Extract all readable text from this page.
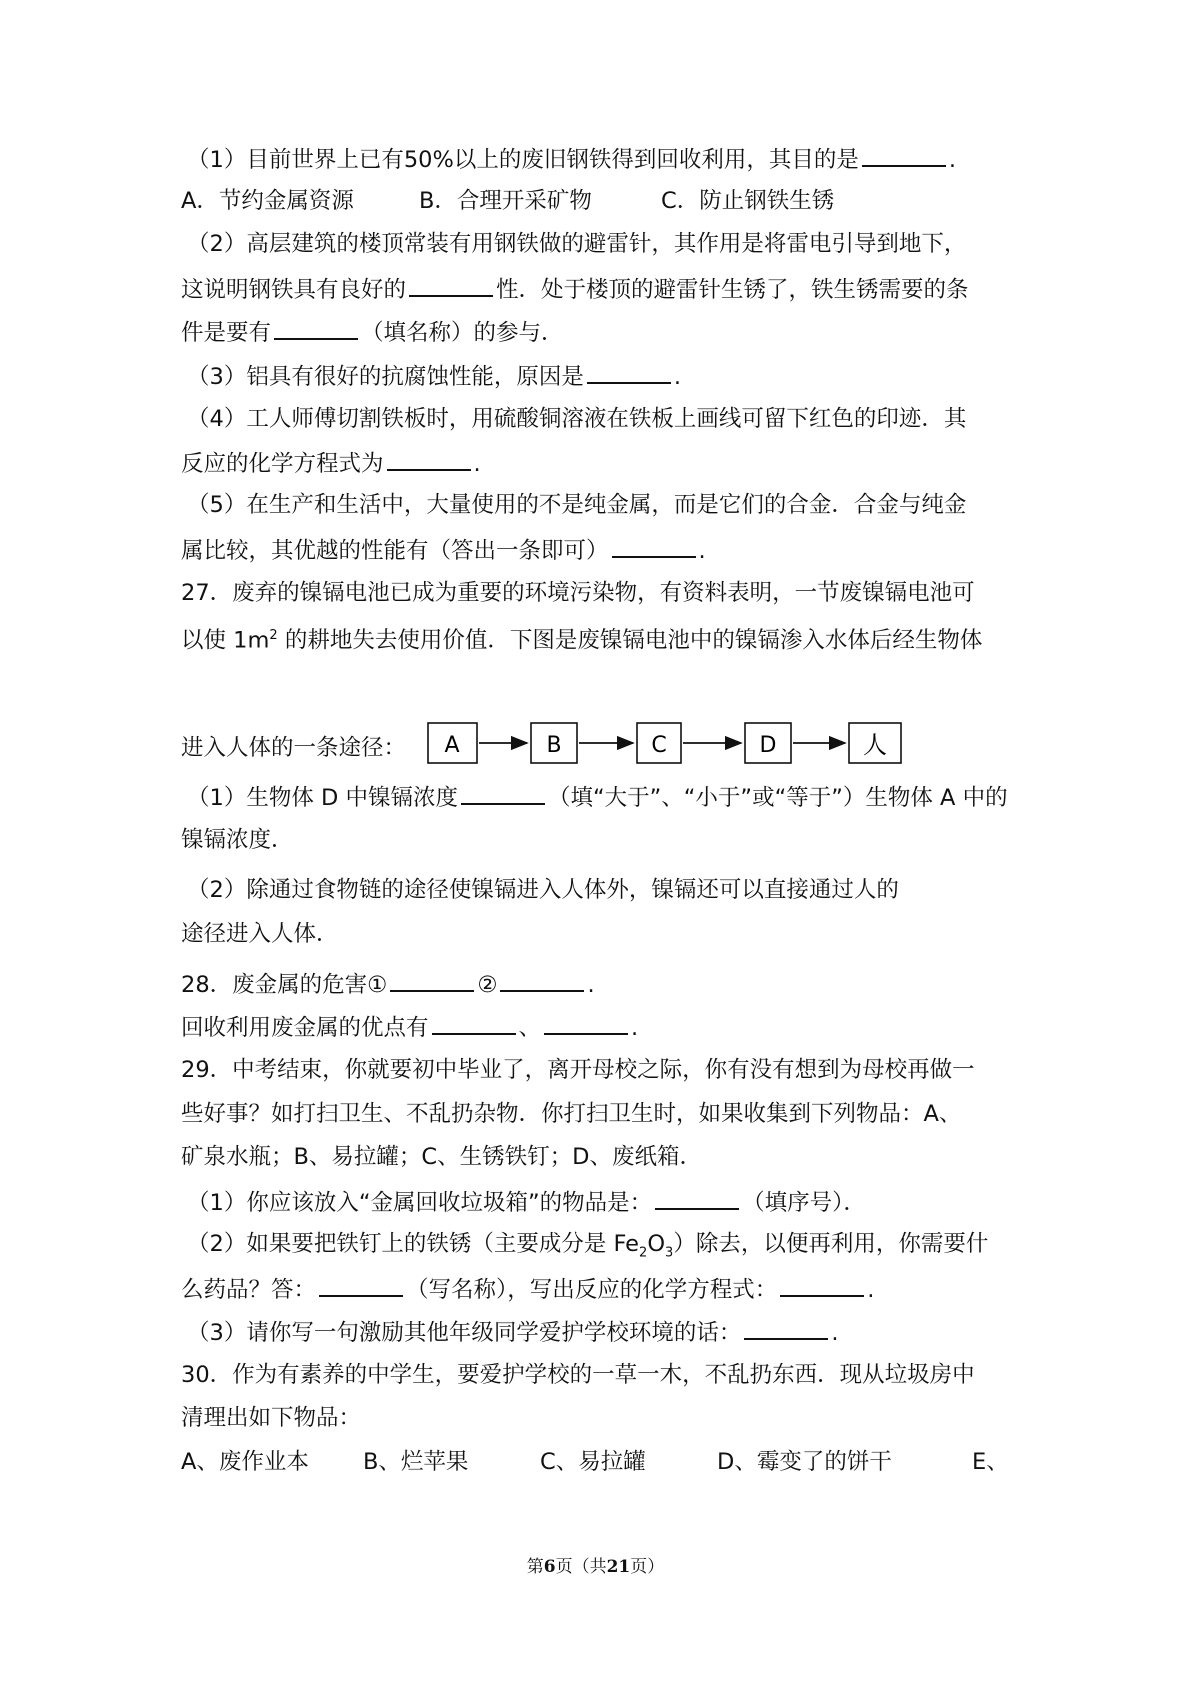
（1）目前世界上已有50%以上的废旧钢铁得到回收利用，其目的是	.
A．节约金属资源	B．合理开采矿物	C．防止钢铁生锈
（2）高层建筑的楼顶常装有用钢铁做的避雷针，其作用是将雷电引导到地下，
这说明钢铁具有良好的	性．处于楼顶的避雷针生锈了，铁生锈需要的条
件是要有	（填名称）的参与．
（3）铝具有很好的抗腐蚀性能，原因是	.
（4）工人师傅切割铁板时，用硫酸铜溶液在铁板上画线可留下红色的印迹．其
反应的化学方程式为	.
（5）在生产和生活中，大量使用的不是纯金属，而是它们的合金．合金与纯金
属比较，其优越的性能有（答出一条即可）	.
27．废弃的镍镉电池已成为重要的环境污染物，有资料表明，一节废镍镉电池可
以使 $1m^2$ 的耕地失去使用价值．下图是废镍镉电池中的镍镉渗入水体后经生物体
进入人体的一条途径：	A	B	C	D	人
（1）生物体 D 中镍镉浓度	（填“大于”、“小于”或“等于”）生物体 A 中的
镍镉浓度．
（2）除通过食物链的途径使镍镉进入人体外，镍镉还可以直接通过人的
途径进入人体．
28．废金属的危害①	②	.
回收利用废金属的优点有	、	.
29．中考结束，你就要初中毕业了，离开母校之际，你有没有想到为母校再做一
些好事？如打扫卫生、不乱扔杂物．你打扫卫生时，如果收集到下列物品：A、
矿泉水瓶；B、易拉罐；C、生锈铁钉；D、废纸箱．
（1）你应该放入“金属回收垃圾箱”的物品是：	（填序号）．
（2）如果要把铁钉上的铁锈（主要成分是 $Fe_2O_3$）除去，以便再利用，你需要什
么药品？答：	（写名称），写出反应的化学方程式：	.
（3）请你写一句激励其他年级同学爱护学校环境的话：	.
30．作为有素养的中学生，要爱护学校的一草一木，不乱扔东西．现从垃圾房中
清理出如下物品：
A、废作业本 B、烂苹果	C、易拉罐	D、霉变了的饼干	E、
第6页（共21页）
